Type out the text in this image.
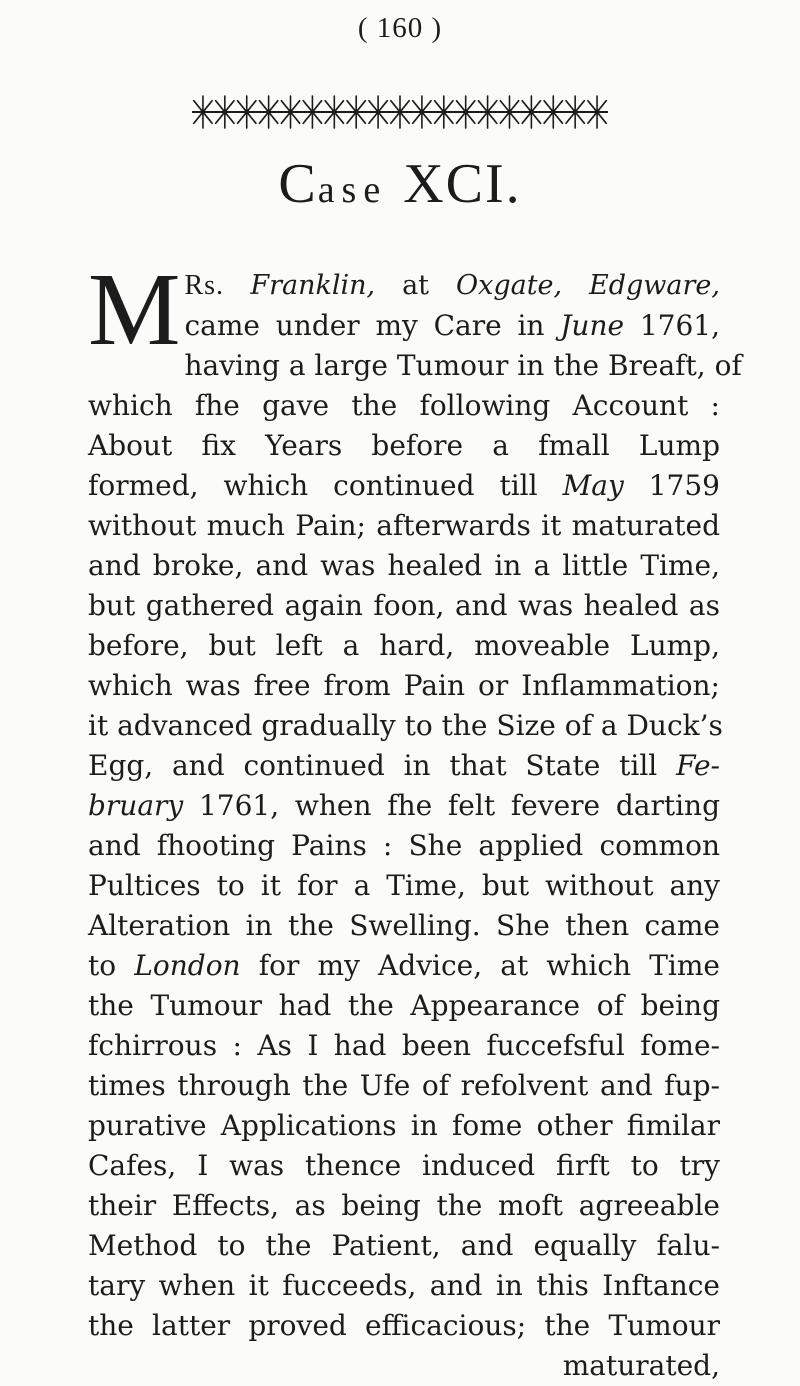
( 160 )
Case XCI.
M Rs. Franklin, at Oxgate, Edgware,
came under my Care in June 1761,
having a large Tumour in the Breaft, of
which fhe gave the following Account :
About fix Years before a fmall Lump
formed, which continued till May 1759
without much Pain; afterwards it maturated
and broke, and was healed in a little Time,
but gathered again foon, and was healed as
before, but left a hard, moveable Lump,
which was free from Pain or Inflammation;
it advanced gradually to the Size of a Duck’s
Egg, and continued in that State till Fe-
bruary 1761, when fhe felt fevere darting
and fhooting Pains : She applied common
Pultices to it for a Time, but without any
Alteration in the Swelling. She then came
to London for my Advice, at which Time
the Tumour had the Appearance of being
fchirrous : As I had been fuccefsful fome-
times through the Ufe of refolvent and fup-
purative Applications in fome other fimilar
Cafes, I was thence induced firft to try
their Effects, as being the moft agreeable
Method to the Patient, and equally falu-
tary when it fucceeds, and in this Inftance
the latter proved efficacious; the Tumour
maturated,
